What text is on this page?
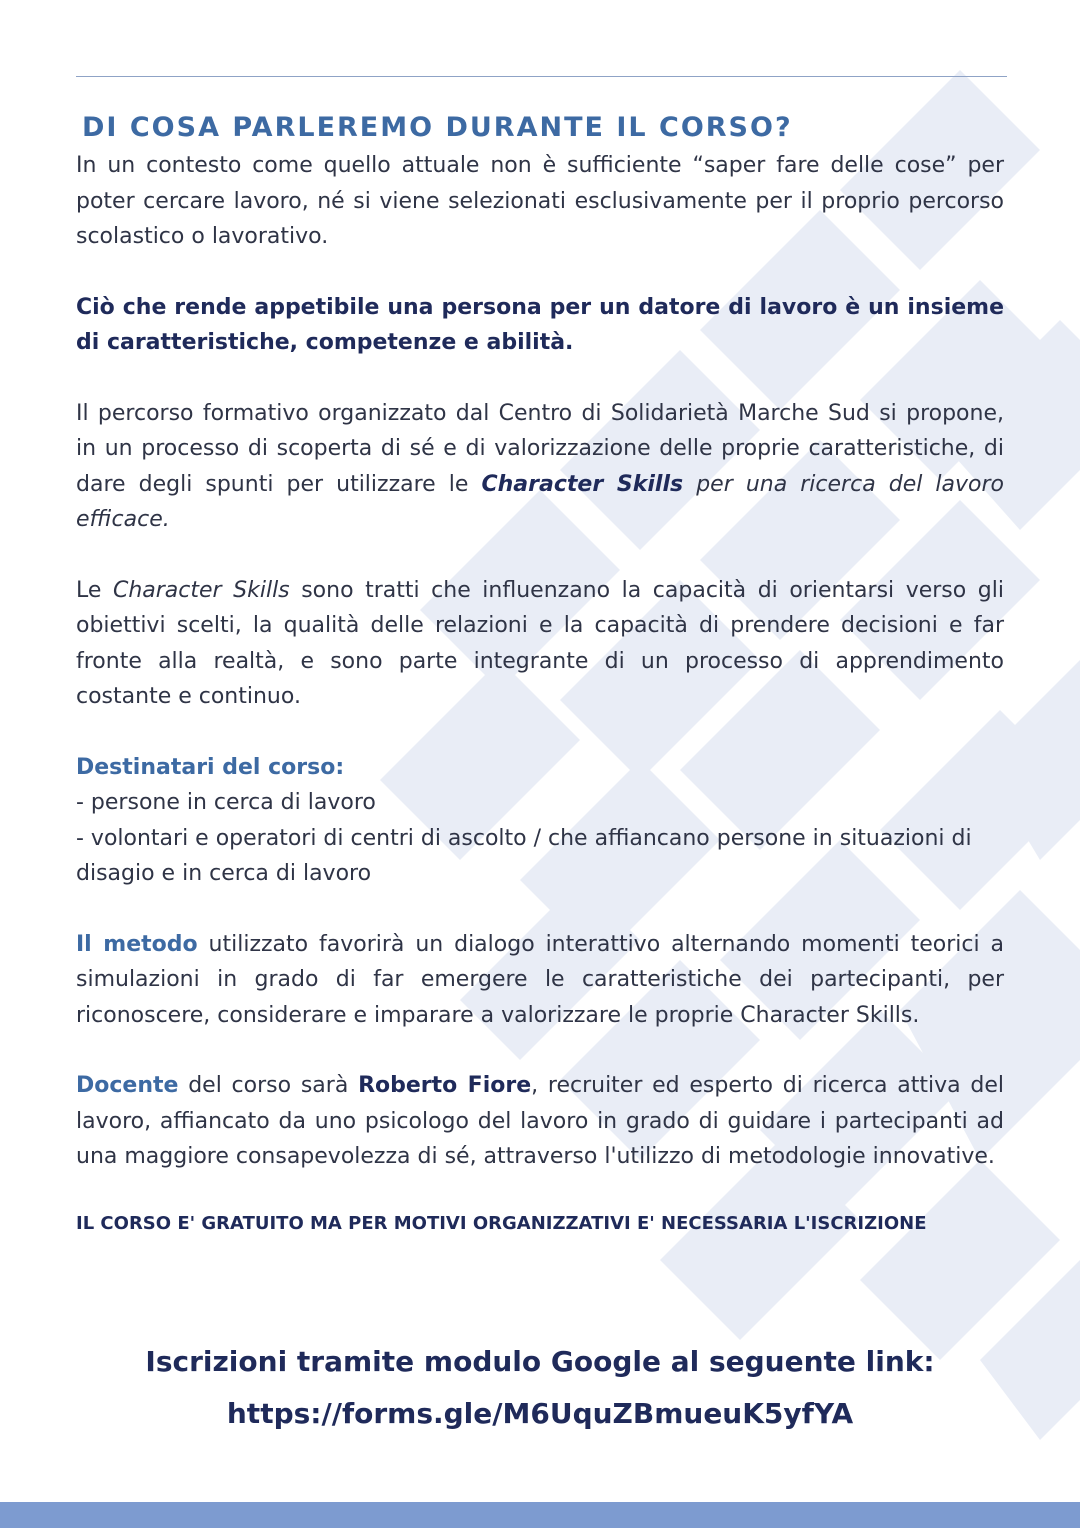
DI COSA PARLEREMO DURANTE IL CORSO?

In un contesto come quello attuale non è sufficiente “saper fare delle cose” per poter cercare lavoro, né si viene selezionati esclusivamente per il proprio percorso scolastico o lavorativo.

Ciò che rende appetibile una persona per un datore di lavoro è un insieme di caratteristiche, competenze e abilità.

Il percorso formativo organizzato dal Centro di Solidarietà Marche Sud si propone, in un processo di scoperta di sé e di valorizzazione delle proprie caratteristiche, di dare degli spunti per utilizzare le Character Skills per una ricerca del lavoro efficace.

Le Character Skills sono tratti che influenzano la capacità di orientarsi verso gli obiettivi scelti, la qualità delle relazioni e la capacità di prendere decisioni e far fronte alla realtà, e sono parte integrante di un processo di apprendimento costante e continuo.

Destinatari del corso:
- persone in cerca di lavoro
- volontari e operatori di centri di ascolto / che affiancano persone in situazioni di disagio e in cerca di lavoro

Il metodo utilizzato favorirà un dialogo interattivo alternando momenti teorici a simulazioni in grado di far emergere le caratteristiche dei partecipanti, per riconoscere, considerare e imparare a valorizzare le proprie Character Skills.

Docente del corso sarà Roberto Fiore, recruiter ed esperto di ricerca attiva del lavoro, affiancato da uno psicologo del lavoro in grado di guidare i partecipanti ad una maggiore consapevolezza di sé, attraverso l'utilizzo di metodologie innovative.

IL CORSO E' GRATUITO MA PER MOTIVI ORGANIZZATIVI E' NECESSARIA L'ISCRIZIONE
Iscrizioni tramite modulo Google al seguente link:
https://forms.gle/M6UquZBmueuK5yfYA
